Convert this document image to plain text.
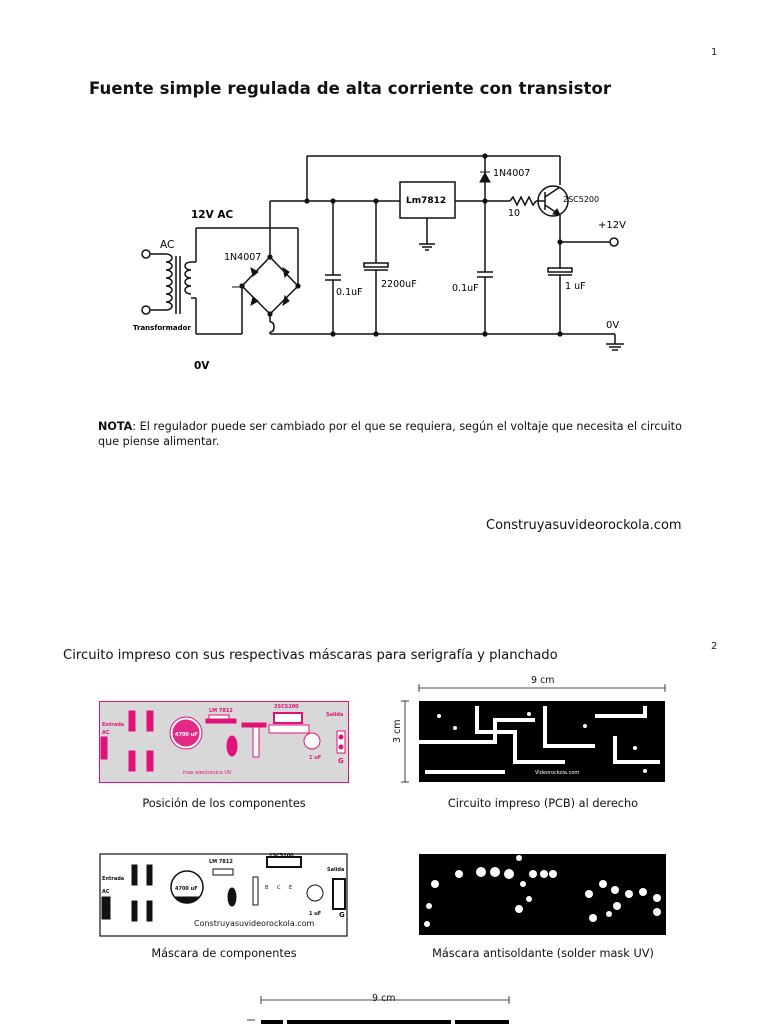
1
Fuente simple regulada de alta corriente con transistor
12V AC
AC
Transformador
0V
1N4007
0.1uF
2200uF
Lm7812
1N4007
10
2SC5200
+12V
0.1uF	1 uF
0V
NOTA: El regulador puede ser cambiado por el que se requiera, según el voltaje que necesita el circuito que piense alimentar.
Construyasuvideorockola.com
2
Circuito impreso con sus respectivas máscaras para serigrafía y planchado
Entrada
AC
LM 7812
2SC5200
Salida
G
1 uF
4700 uF
mas electronica UV	Videorockola.com
9 cm
3 cm
Posición de los componentes	Circuito impreso (PCB) al derecho
Entrada
AC
LM 7812
2SC5200
Salida
G
1 uF
4700 uF	B C E
Construyasuvideorockola.com
Máscara de componentes	Máscara antisoldante (solder mask UV)
9 cm
